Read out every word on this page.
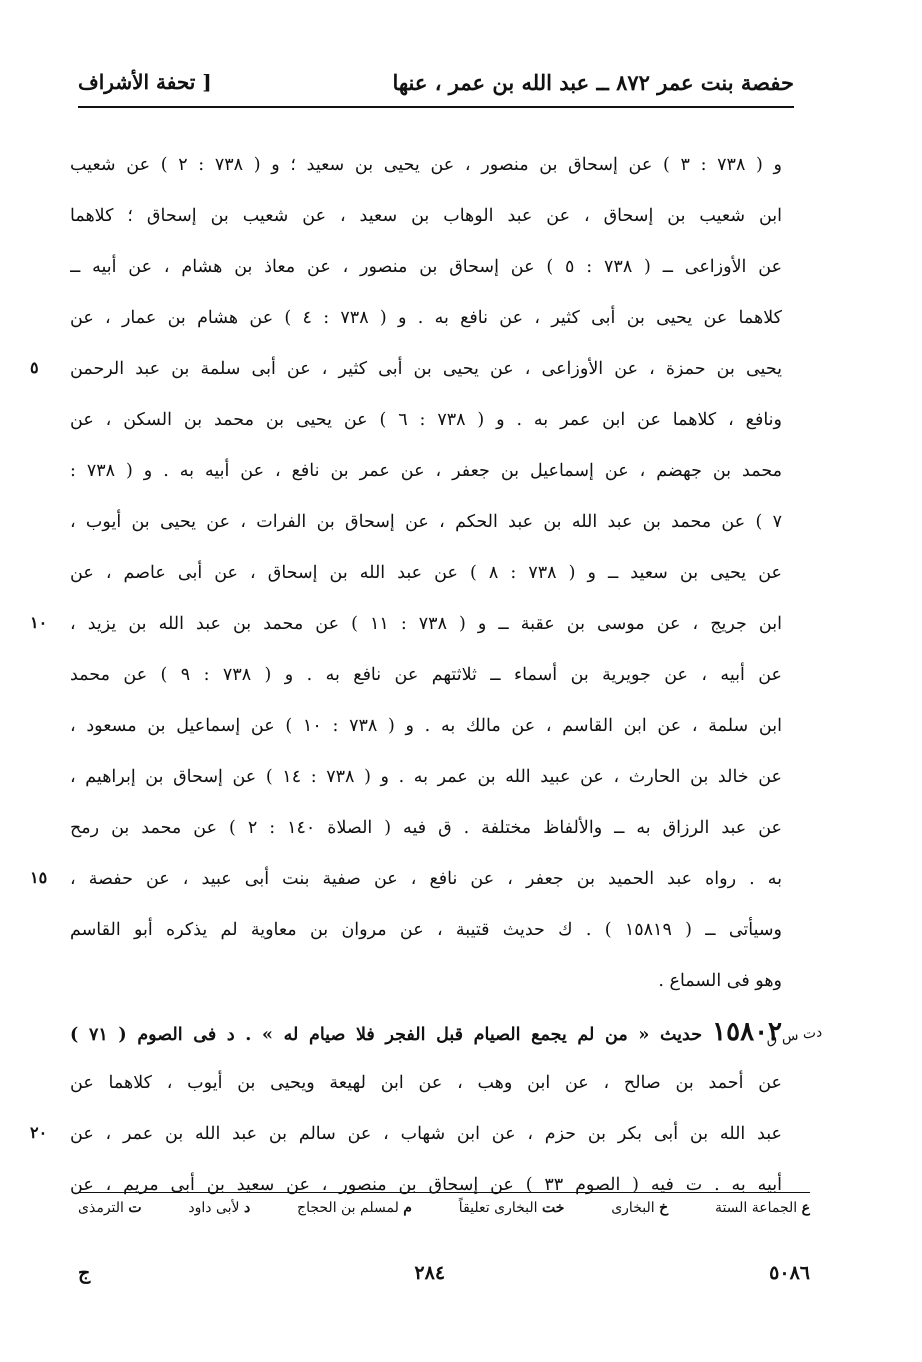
حفصة بنت عمر ٨٧٢ ــ عبد الله بن عمر ، عنها
[ تحفة الأشراف
و ( ٧٣٨ : ٣ ) عن إسحاق بن منصور ، عن يحيى بن سعيد ؛ و ( ٧٣٨ : ٢ ) عن شعيب
ابن شعيب بن إسحاق ، عن عبد الوهاب بن سعيد ، عن شعيب بن إسحاق ؛ كلاهما
عن الأوزاعى ــ ( ٧٣٨ : ٥ ) عن إسحاق بن منصور ، عن معاذ بن هشام ، عن أبيه ــ
كلاهما عن يحيى بن أبى كثير ، عن نافع به . و ( ٧٣٨ : ٤ ) عن هشام بن عمار ، عن
يحيى بن حمزة ، عن الأوزاعى ، عن يحيى بن أبى كثير ، عن أبى سلمة بن عبد الرحمن
ونافع ، كلاهما عن ابن عمر به . و ( ٧٣٨ : ٦ ) عن يحيى بن محمد بن السكن ، عن
محمد بن جهضم ، عن إسماعيل بن جعفر ، عن عمر بن نافع ، عن أبيه به . و ( ٧٣٨ :
٧ ) عن محمد بن عبد الله بن عبد الحكم ، عن إسحاق بن الفرات ، عن يحيى بن أيوب ،
عن يحيى بن سعيد ــ و ( ٧٣٨ : ٨ ) عن عبد الله بن إسحاق ، عن أبى عاصم ، عن
ابن جريج ، عن موسى بن عقبة ــ و ( ٧٣٨ : ١١ ) عن محمد بن عبد الله بن يزيد ،
عن أبيه ، عن جويرية بن أسماء ــ ثلاثتهم عن نافع به . و ( ٧٣٨ : ٩ ) عن محمد
ابن سلمة ، عن ابن القاسم ، عن مالك به . و ( ٧٣٨ : ١٠ ) عن إسماعيل بن مسعود ،
عن خالد بن الحارث ، عن عبيد الله بن عمر به . و ( ٧٣٨ : ١٤ ) عن إسحاق بن إبراهيم ،
عن عبد الرزاق به ــ والألفاظ مختلفة . ق فيه ( الصلاة ١٤٠ : ٢ ) عن محمد بن رمح
به . رواه عبد الحميد بن جعفر ، عن نافع ، عن صفية بنت أبى عبيد ، عن حفصة ،
وسيأتى ــ ( ١٥٨١٩ ) . ك حديث قتيبة ، عن مروان بن معاوية لم يذكره أبو القاسم
وهو فى السماع .
١٥٨٠٢ حديث « من لم يجمع الصيام قبل الفجر فلا صيام له » . د فى الصوم ( ٧١ )
عن أحمد بن صالح ، عن ابن وهب ، عن ابن لهيعة ويحيى بن أيوب ، كلاهما عن
عبد الله بن أبى بكر بن حزم ، عن ابن شهاب ، عن سالم بن عبد الله بن عمر ، عن
أبيه به . ت فيه ( الصوم ٣٣ ) عن إسحاق بن منصور ، عن سعيد بن أبى مريم ، عن
دت س ق
٥
١٠
١٥
٢٠
ع الجماعة الستة
خ البخارى
خت البخارى تعليقاً
م لمسلم بن الحجاج
د لأبى داود
ت الترمذى
٥٠٨٦
٢٨٤
ج
